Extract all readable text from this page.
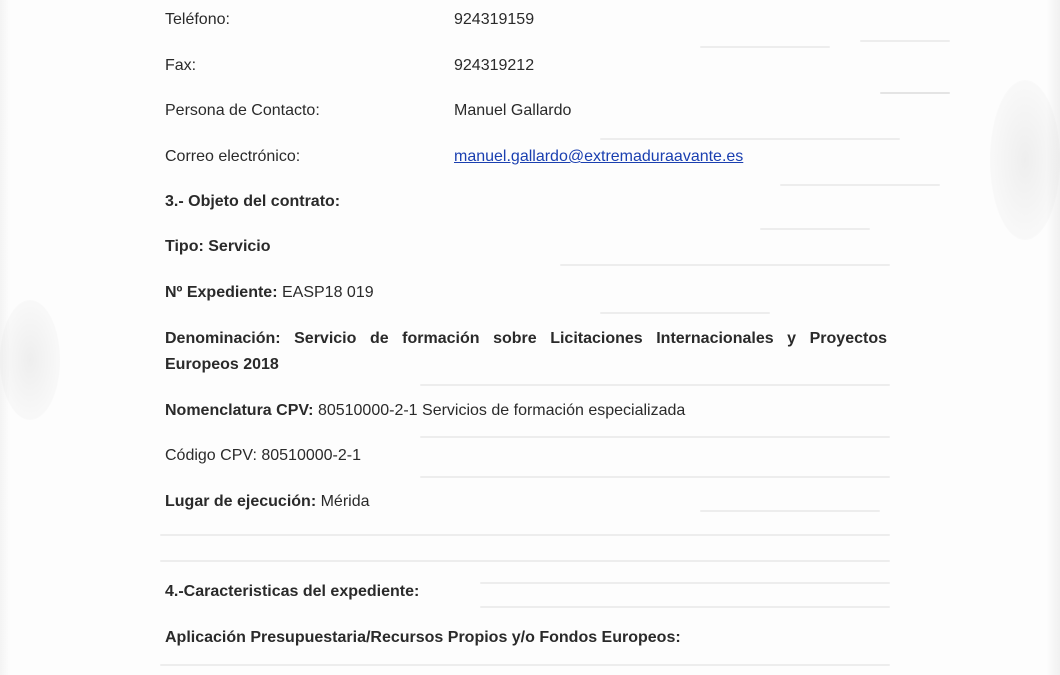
Teléfono:	924319159
Fax:	924319212
Persona de Contacto:	Manuel Gallardo
Correo electrónico:	manuel.gallardo@extremaduraavante.es
3.- Objeto del contrato:
Tipo: Servicio
Nº Expediente: EASP18 019
Denominación: Servicio de formación sobre Licitaciones Internacionales y Proyectos Europeos 2018
Nomenclatura CPV: 80510000-2-1 Servicios de formación especializada
Código CPV: 80510000-2-1
Lugar de ejecución: Mérida
4.-Caracteristicas del expediente:
Aplicación Presupuestaria/Recursos Propios y/o Fondos Europeos:
